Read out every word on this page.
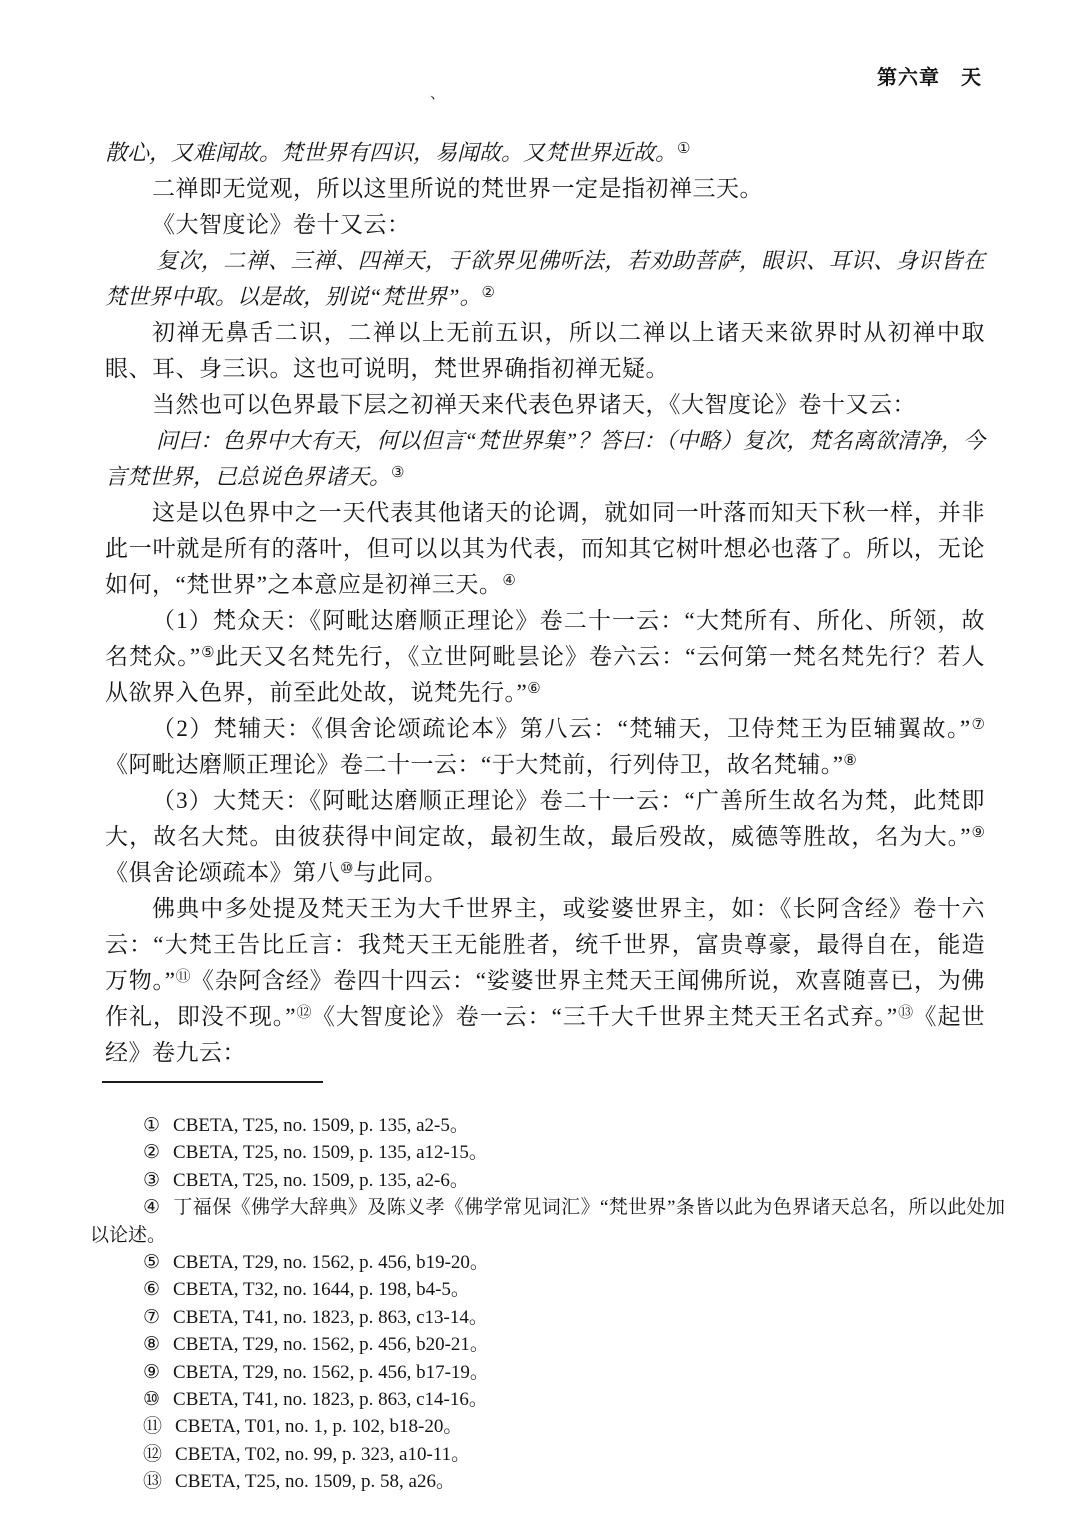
第六章　天
、

散心，又难闻故。梵世界有四识，易闻故。又梵世界近故。①

二禅即无觉观，所以这里所说的梵世界一定是指初禅三天。

《大智度论》卷十又云：

复次，二禅、三禅、四禅天，于欲界见佛听法，若劝助菩萨，眼识、耳识、身识皆在梵世界中取。以是故，别说“梵世界”。②

初禅无鼻舌二识，二禅以上无前五识，所以二禅以上诸天来欲界时从初禅中取眼、耳、身三识。这也可说明，梵世界确指初禅无疑。

当然也可以色界最下层之初禅天来代表色界诸天，《大智度论》卷十又云：

问曰：色界中大有天，何以但言“梵世界集”？答曰：（中略）复次，梵名离欲清净，今言梵世界，已总说色界诸天。③

这是以色界中之一天代表其他诸天的论调，就如同一叶落而知天下秋一样，并非此一叶就是所有的落叶，但可以以其为代表，而知其它树叶想必也落了。所以，无论如何，“梵世界”之本意应是初禅三天。④

（1）梵众天：《阿毗达磨顺正理论》卷二十一云：“大梵所有、所化、所领，故名梵众。”⑤此天又名梵先行，《立世阿毗昙论》卷六云：“云何第一梵名梵先行？若人从欲界入色界，前至此处故，说梵先行。”⑥

（2）梵辅天：《俱舍论颂疏论本》第八云：“梵辅天，卫侍梵王为臣辅翼故。”⑦《阿毗达磨顺正理论》卷二十一云：“于大梵前，行列侍卫，故名梵辅。”⑧

（3）大梵天：《阿毗达磨顺正理论》卷二十一云：“广善所生故名为梵，此梵即大，故名大梵。由彼获得中间定故，最初生故，最后殁故，威德等胜故，名为大。”⑨《俱舍论颂疏本》第八⑩与此同。

佛典中多处提及梵天王为大千世界主，或娑婆世界主，如：《长阿含经》卷十六云：“大梵王告比丘言：我梵天王无能胜者，统千世界，富贵尊豪，最得自在，能造万物。”⑪《杂阿含经》卷四十四云：“娑婆世界主梵天王闻佛所说，欢喜随喜已，为佛作礼，即没不现。”⑫《大智度论》卷一云：“三千大千世界主梵天王名式弃。”⑬《起世经》卷九云：

① CBETA, T25, no. 1509, p. 135, a2-5。

② CBETA, T25, no. 1509, p. 135, a12-15。

③ CBETA, T25, no. 1509, p. 135, a2-6。

④ 丁福保《佛学大辞典》及陈义孝《佛学常见词汇》“梵世界”条皆以此为色界诸天总名，所以此处加以论述。

⑤ CBETA, T29, no. 1562, p. 456, b19-20。

⑥ CBETA, T32, no. 1644, p. 198, b4-5。

⑦ CBETA, T41, no. 1823, p. 863, c13-14。

⑧ CBETA, T29, no. 1562, p. 456, b20-21。

⑨ CBETA, T29, no. 1562, p. 456, b17-19。

⑩ CBETA, T41, no. 1823, p. 863, c14-16。

⑪ CBETA, T01, no. 1, p. 102, b18-20。

⑫ CBETA, T02, no. 99, p. 323, a10-11。

⑬ CBETA, T25, no. 1509, p. 58, a26。
